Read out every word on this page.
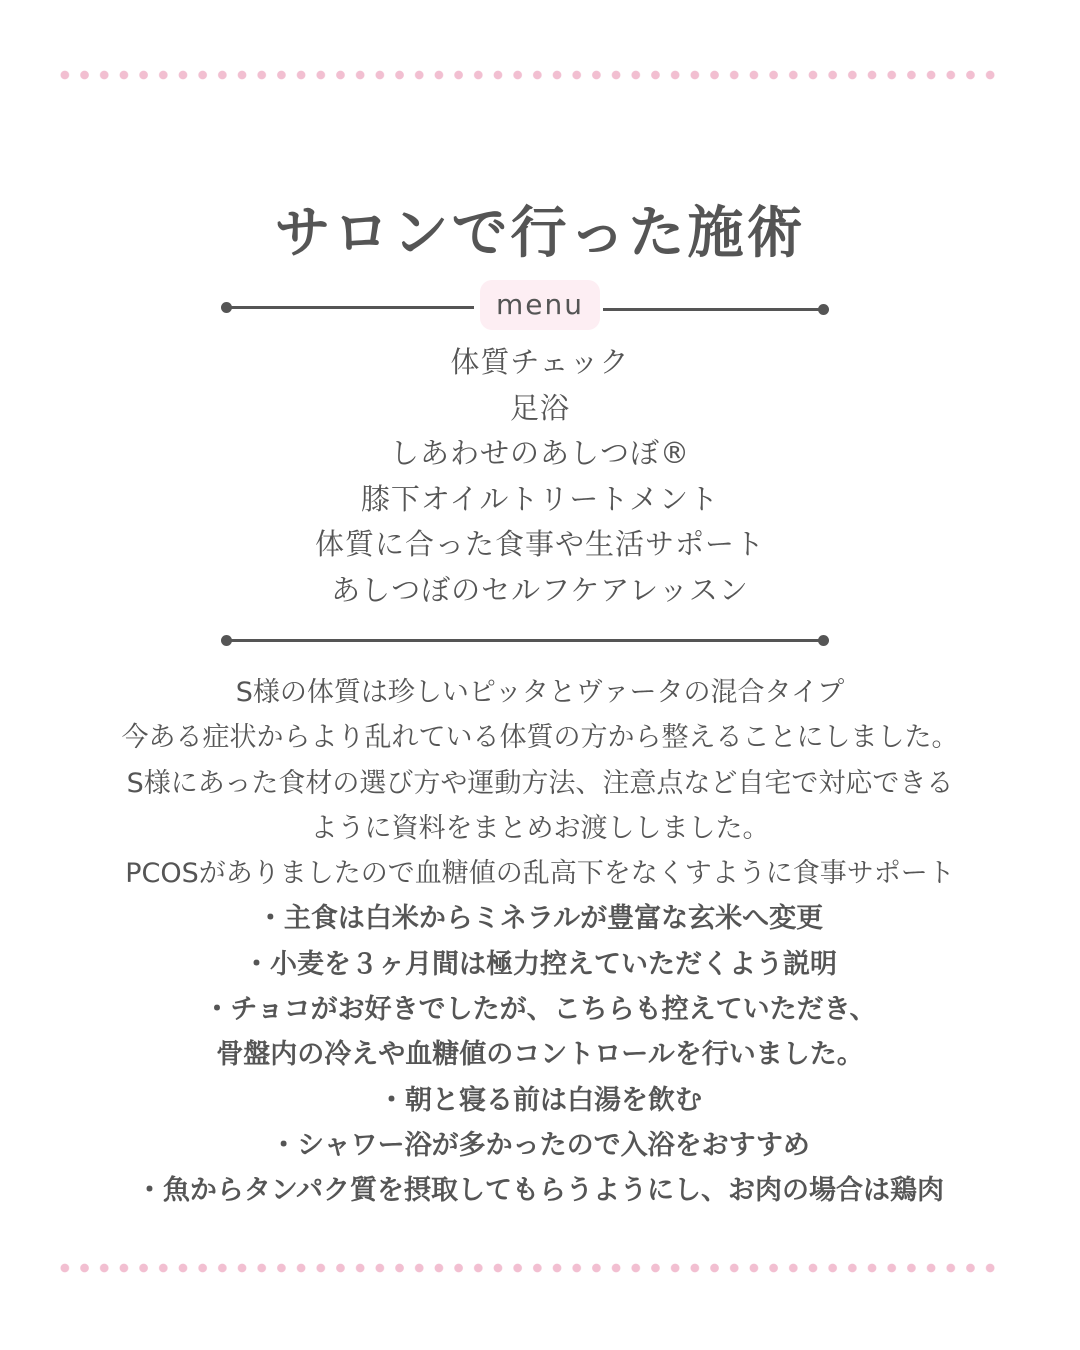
サロンで行った施術
menu
体質チェック
足浴
しあわせのあしつぼ®
膝下オイルトリートメント
体質に合った食事や生活サポート
あしつぼのセルフケアレッスン

S様の体質は珍しいピッタとヴァータの混合タイプ

今ある症状からより乱れている体質の方から整えることにしました。

S様にあった食材の選び方や運動方法、注意点など自宅で対応できる

ように資料をまとめお渡ししました。

PCOSがありましたので血糖値の乱高下をなくすように食事サポート

・主食は白米からミネラルが豊富な玄米へ変更

・小麦を３ヶ月間は極力控えていただくよう説明

・チョコがお好きでしたが、こちらも控えていただき、

骨盤内の冷えや血糖値のコントロールを行いました。

・朝と寝る前は白湯を飲む

・シャワー浴が多かったので入浴をおすすめ

・魚からタンパク質を摂取してもらうようにし、お肉の場合は鶏肉
